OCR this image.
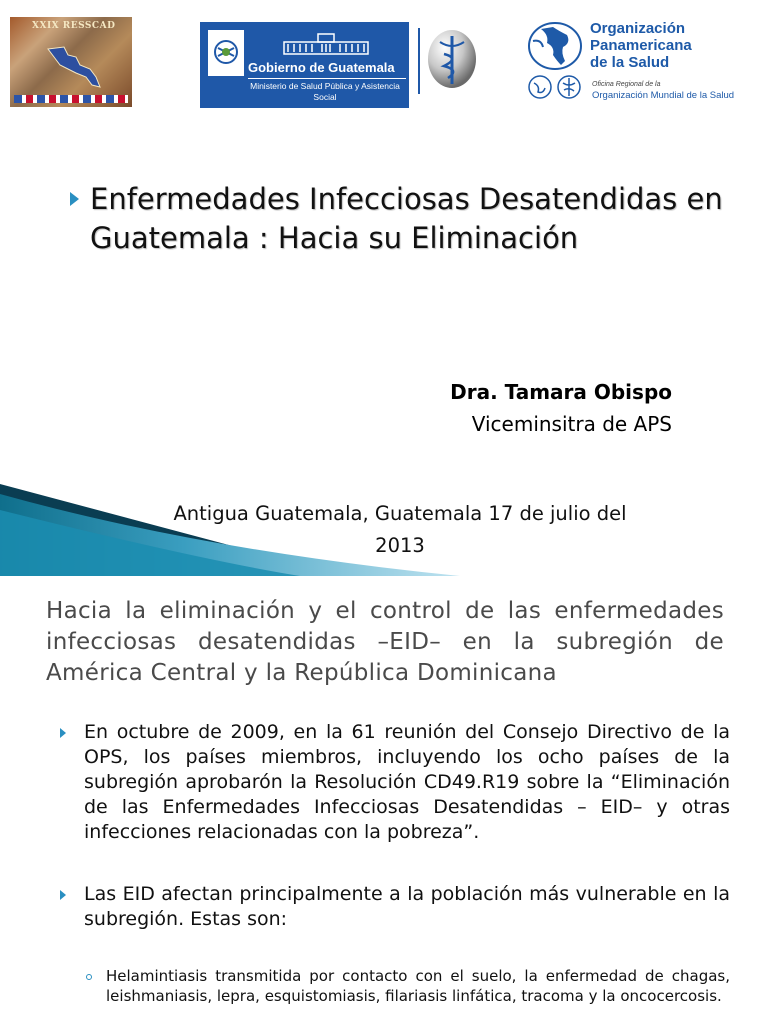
XXIX RESSCAD
Gobierno de Guatemala
Ministerio de Salud Pública y Asistencia Social
Organización
Panamericana
de la Salud
Oficina Regional de la
Organización Mundial de la Salud
Enfermedades Infecciosas Desatendidas en Guatemala : Hacia su Eliminación
Dra. Tamara Obispo
Viceminsitra de APS
Antigua Guatemala, Guatemala 17 de julio del 2013
Hacia la eliminación y el control de las enfermedades infecciosas desatendidas –EID– en la subregión de América Central y la República Dominicana
En octubre de 2009, en la 61 reunión del Consejo Directivo de la OPS, los países miembros, incluyendo los ocho países de la subregión aprobarón la Resolución CD49.R19 sobre la “Eliminación de las Enfermedades Infecciosas Desatendidas – EID– y otras infecciones relacionadas con la pobreza”.
Las EID afectan principalmente a la población más vulnerable en la subregión. Estas son:
Helamintiasis transmitida por contacto con el suelo, la enfermedad de chagas, leishmaniasis, lepra, esquistomiasis, filariasis linfática, tracoma y la oncocercosis.
